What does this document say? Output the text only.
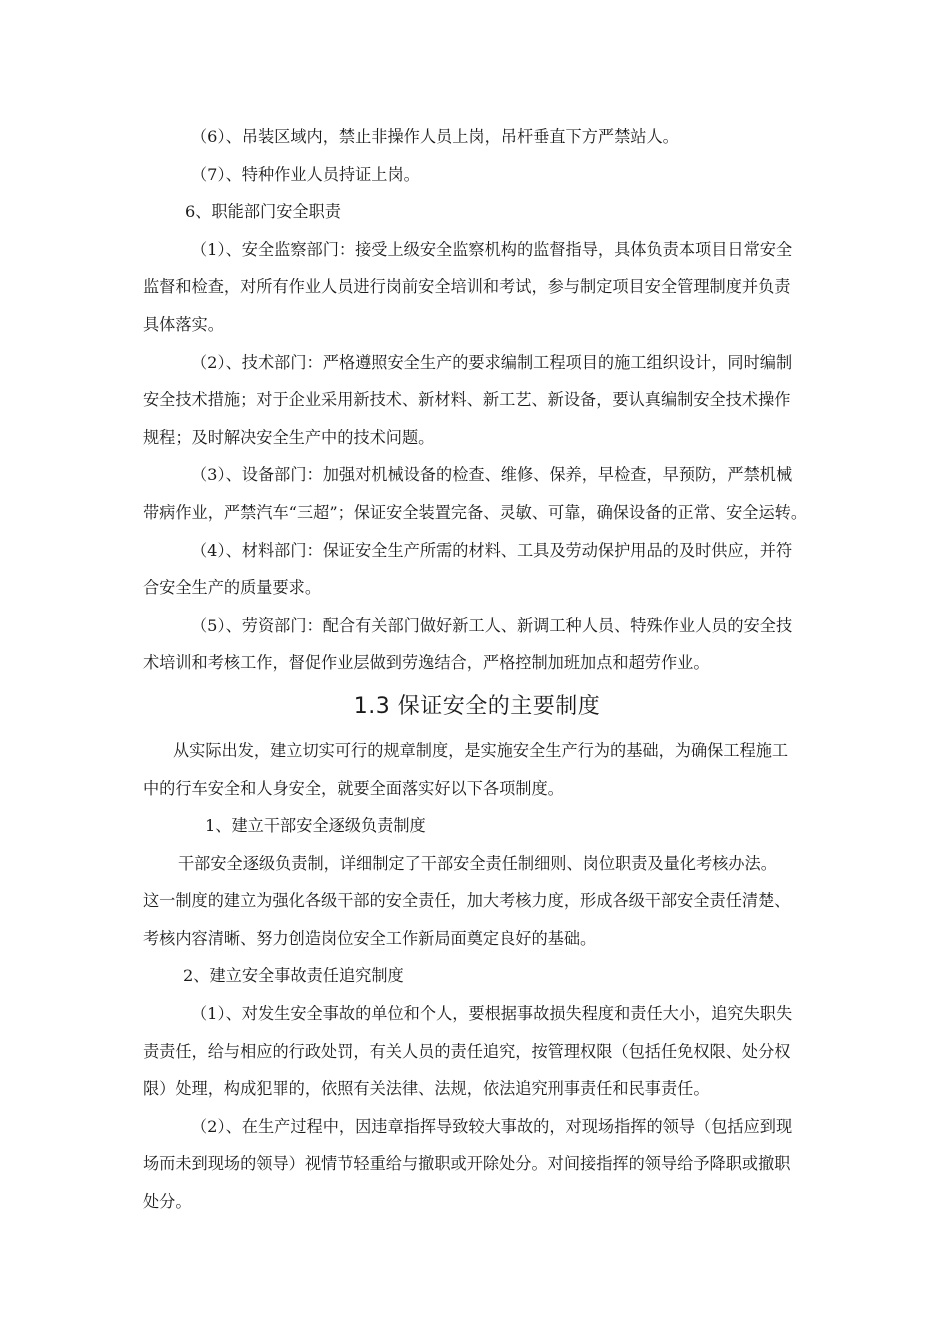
（6）、吊装区域内，禁止非操作人员上岗，吊杆垂直下方严禁站人。
（7）、特种作业人员持证上岗。
6、职能部门安全职责
（1）、安全监察部门：接受上级安全监察机构的监督指导，具体负责本项目日常安全
监督和检查，对所有作业人员进行岗前安全培训和考试，参与制定项目安全管理制度并负责
具体落实。
（2）、技术部门：严格遵照安全生产的要求编制工程项目的施工组织设计，同时编制
安全技术措施；对于企业采用新技术、新材料、新工艺、新设备，要认真编制安全技术操作
规程；及时解决安全生产中的技术问题。
（3）、设备部门：加强对机械设备的检查、维修、保养，早检查，早预防，严禁机械
带病作业，严禁汽车“三超”；保证安全装置完备、灵敏、可靠，确保设备的正常、安全运转。
（4）、材料部门：保证安全生产所需的材料、工具及劳动保护用品的及时供应，并符
合安全生产的质量要求。
（5）、劳资部门：配合有关部门做好新工人、新调工种人员、特殊作业人员的安全技
术培训和考核工作，督促作业层做到劳逸结合，严格控制加班加点和超劳作业。
1.3 保证安全的主要制度
从实际出发，建立切实可行的规章制度，是实施安全生产行为的基础，为确保工程施工
中的行车安全和人身安全，就要全面落实好以下各项制度。
1、建立干部安全逐级负责制度
干部安全逐级负责制，详细制定了干部安全责任制细则、岗位职责及量化考核办法。
这一制度的建立为强化各级干部的安全责任，加大考核力度，形成各级干部安全责任清楚、
考核内容清晰、努力创造岗位安全工作新局面奠定良好的基础。
2、建立安全事故责任追究制度
（1）、对发生安全事故的单位和个人，要根据事故损失程度和责任大小，追究失职失
责责任，给与相应的行政处罚，有关人员的责任追究，按管理权限（包括任免权限、处分权
限）处理，构成犯罪的，依照有关法律、法规，依法追究刑事责任和民事责任。
（2）、在生产过程中，因违章指挥导致较大事故的，对现场指挥的领导（包括应到现
场而未到现场的领导）视情节轻重给与撤职或开除处分。对间接指挥的领导给予降职或撤职
处分。
